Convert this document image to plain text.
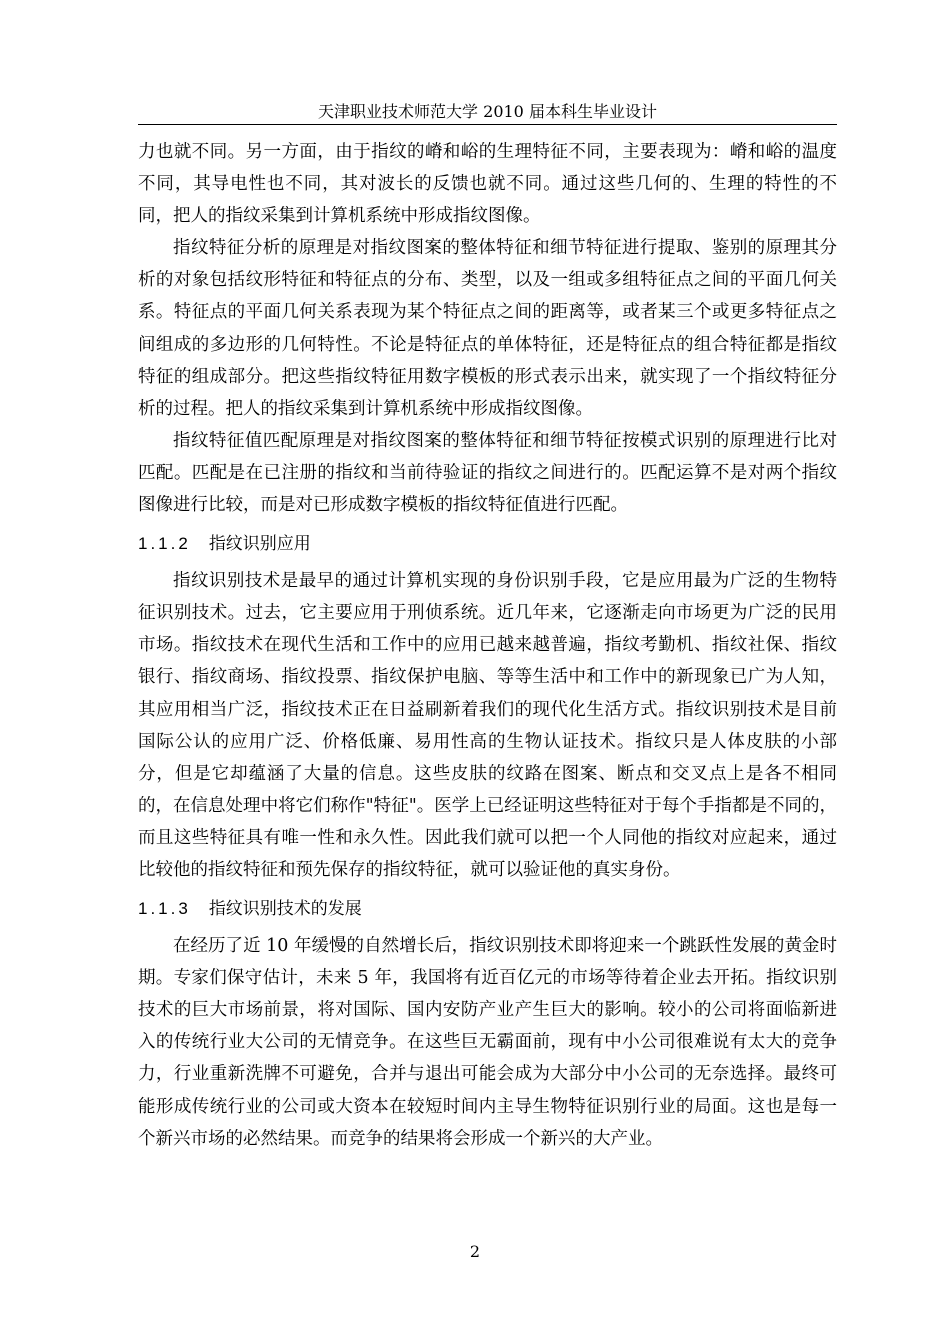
天津职业技术师范大学 2010 届本科生毕业设计

力也就不同。另一方面，由于指纹的嵴和峪的生理特征不同，主要表现为：嵴和峪的温度不同，其导电性也不同，其对波长的反馈也就不同。通过这些几何的、生理的特性的不同，把人的指纹采集到计算机系统中形成指纹图像。

指纹特征分析的原理是对指纹图案的整体特征和细节特征进行提取、鉴别的原理其分析的对象包括纹形特征和特征点的分布、类型，以及一组或多组特征点之间的平面几何关系。特征点的平面几何关系表现为某个特征点之间的距离等，或者某三个或更多特征点之间组成的多边形的几何特性。不论是特征点的单体特征，还是特征点的组合特征都是指纹特征的组成部分。把这些指纹特征用数字模板的形式表示出来，就实现了一个指纹特征分析的过程。把人的指纹采集到计算机系统中形成指纹图像。

指纹特征值匹配原理是对指纹图案的整体特征和细节特征按模式识别的原理进行比对匹配。匹配是在已注册的指纹和当前待验证的指纹之间进行的。匹配运算不是对两个指纹图像进行比较，而是对已形成数字模板的指纹特征值进行匹配。

1.1.2 指纹识别应用

指纹识别技术是最早的通过计算机实现的身份识别手段，它是应用最为广泛的生物特征识别技术。过去，它主要应用于刑侦系统。近几年来，它逐渐走向市场更为广泛的民用市场。指纹技术在现代生活和工作中的应用已越来越普遍，指纹考勤机、指纹社保、指纹银行、指纹商场、指纹投票、指纹保护电脑、等等生活中和工作中的新现象已广为人知，其应用相当广泛，指纹技术正在日益刷新着我们的现代化生活方式。指纹识别技术是目前国际公认的应用广泛、价格低廉、易用性高的生物认证技术。指纹只是人体皮肤的小部分，但是它却蕴涵了大量的信息。这些皮肤的纹路在图案、断点和交叉点上是各不相同的，在信息处理中将它们称作"特征"。医学上已经证明这些特征对于每个手指都是不同的，而且这些特征具有唯一性和永久性。因此我们就可以把一个人同他的指纹对应起来，通过比较他的指纹特征和预先保存的指纹特征，就可以验证他的真实身份。

1.1.3 指纹识别技术的发展

在经历了近 10 年缓慢的自然增长后，指纹识别技术即将迎来一个跳跃性发展的黄金时期。专家们保守估计，未来 5 年，我国将有近百亿元的市场等待着企业去开拓。指纹识别技术的巨大市场前景，将对国际、国内安防产业产生巨大的影响。较小的公司将面临新进入的传统行业大公司的无情竞争。在这些巨无霸面前，现有中小公司很难说有太大的竞争力，行业重新洗牌不可避免，合并与退出可能会成为大部分中小公司的无奈选择。最终可能形成传统行业的公司或大资本在较短时间内主导生物特征识别行业的局面。这也是每一个新兴市场的必然结果。而竞争的结果将会形成一个新兴的大产业。

2
